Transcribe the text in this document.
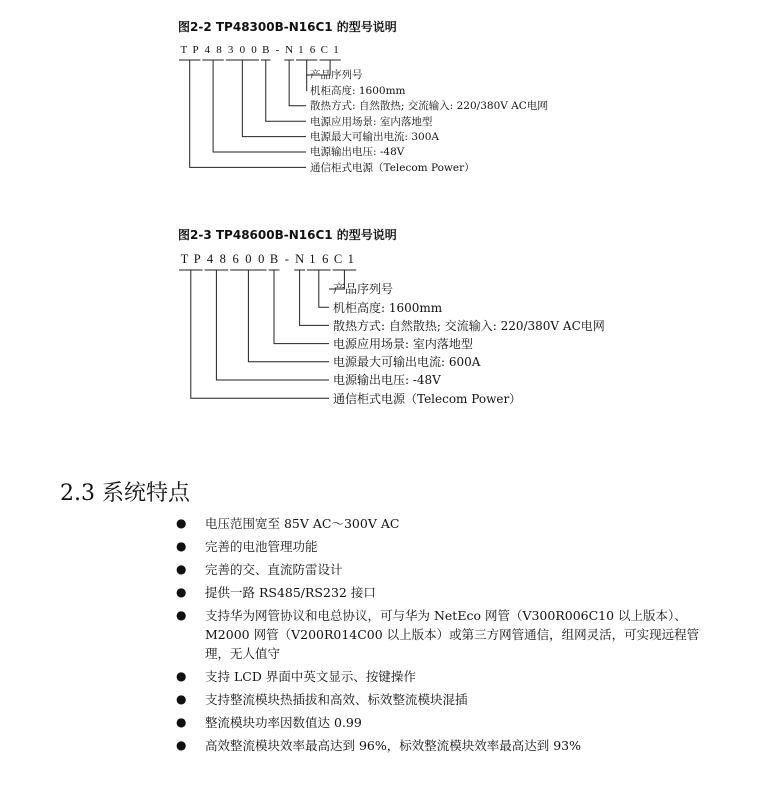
图2-2 TP48300B-N16C1 的型号说明
T P 4 8 3 0 0 B - N 1 6 C 1
产品序列号
机柜高度: 1600mm
散热方式: 自然散热; 交流输入: 220/380V AC电网
电源应用场景: 室内落地型
电源最大可输出电流: 300A
电源输出电压: -48V
通信柜式电源（Telecom Power）
图2-3 TP48600B-N16C1 的型号说明
T P 4 8 6 0 0 B - N 1 6 C 1
产品序列号
机柜高度: 1600mm
散热方式: 自然散热; 交流输入: 220/380V AC电网
电源应用场景: 室内落地型
电源最大可输出电流: 600A
电源输出电压: -48V
通信柜式电源（Telecom Power）
2.3 系统特点
● 电压范围宽至 85V AC～300V AC
● 完善的电池管理功能
● 完善的交、直流防雷设计
● 提供一路 RS485/RS232 接口
● 支持华为网管协议和电总协议，可与华为 NetEco 网管（V300R006C10 以上版本）、M2000 网管（V200R014C00 以上版本）或第三方网管通信，组网灵活，可实现远程管理，无人值守
● 支持 LCD 界面中英文显示、按键操作
● 支持整流模块热插拔和高效、标效整流模块混插
● 整流模块功率因数值达 0.99
● 高效整流模块效率最高达到 96%，标效整流模块效率最高达到 93%
